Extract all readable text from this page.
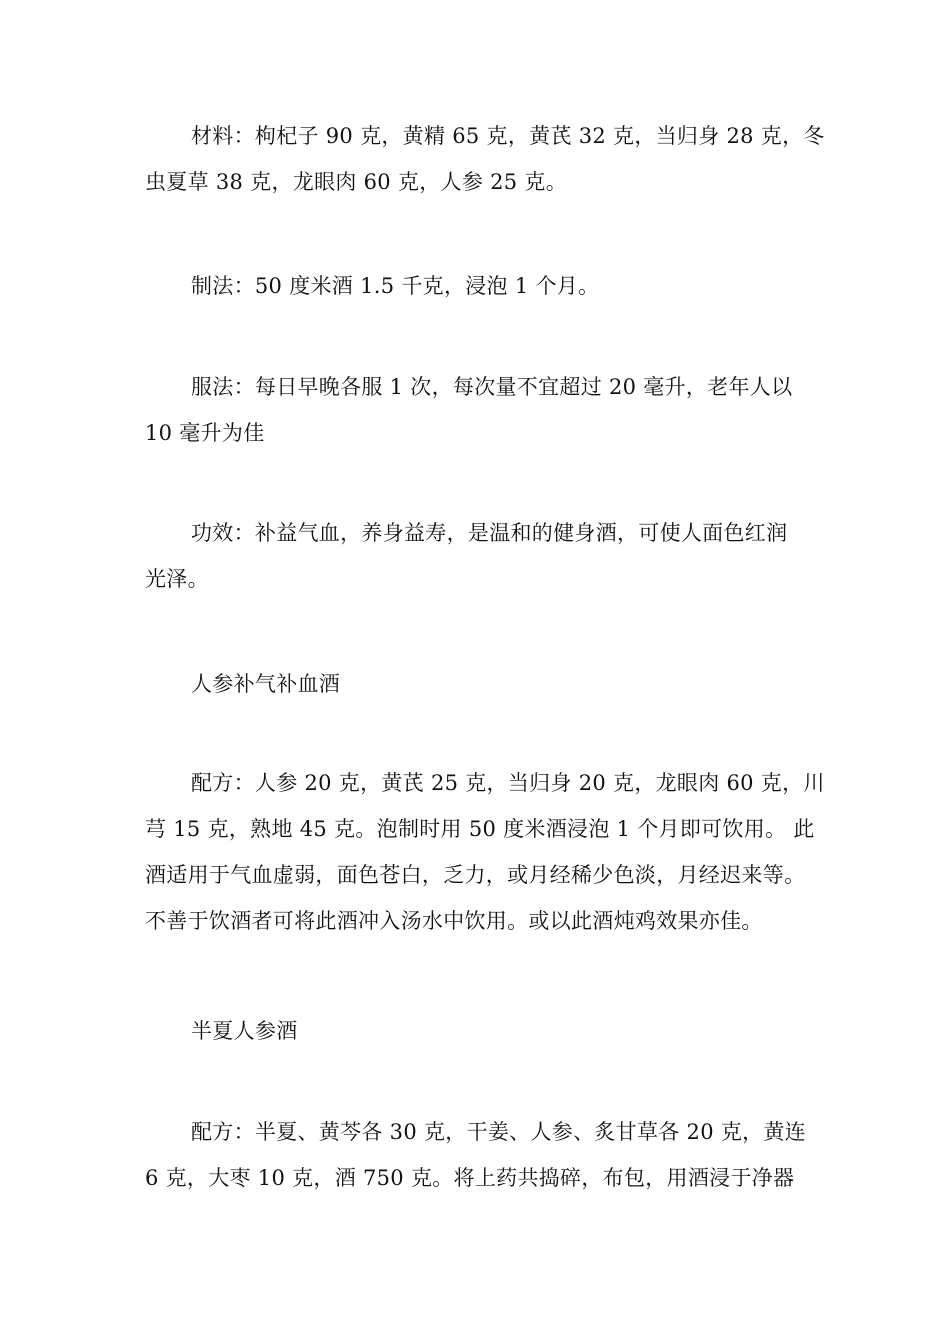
材料：枸杞子 90 克，黄精 65 克，黄芪 32 克，当归身 28 克，冬
虫夏草 38 克，龙眼肉 60 克，人参 25 克。
制法：50 度米酒 1.5 千克，浸泡 1 个月。
服法：每日早晚各服 1 次，每次量不宜超过 20 毫升，老年人以
10 毫升为佳
功效：补益气血，养身益寿，是温和的健身酒，可使人面色红润
光泽。
人参补气补血酒
配方：人参 20 克，黄芪 25 克，当归身 20 克，龙眼肉 60 克，川
芎 15 克，熟地 45 克。泡制时用 50 度米酒浸泡 1 个月即可饮用。 此
酒适用于气血虚弱，面色苍白，乏力，或月经稀少色淡，月经迟来等。
不善于饮酒者可将此酒冲入汤水中饮用。或以此酒炖鸡效果亦佳。
半夏人参酒
配方：半夏、黄芩各 30 克，干姜、人参、炙甘草各 20 克，黄连
6 克，大枣 10 克，酒 750 克。将上药共捣碎，布包，用酒浸于净器
